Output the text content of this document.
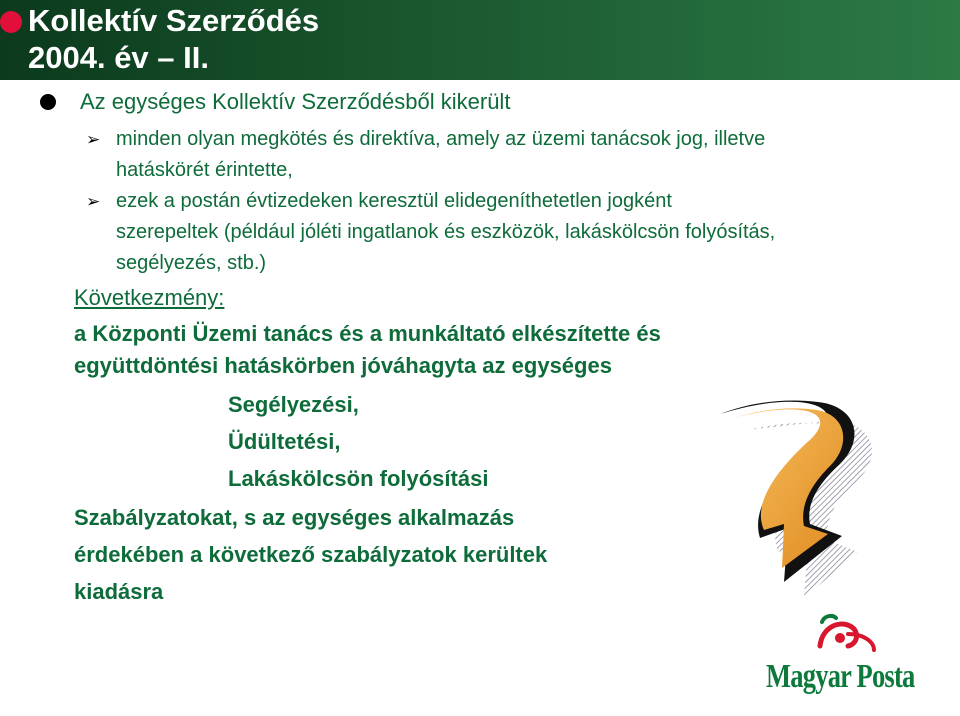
Kollektív Szerződés
2004. év – II.
Az egységes Kollektív Szerződésből kikerült
➢ minden olyan megkötés és direktíva, amely az üzemi tanácsok jog, illetve
hatáskörét érintette,
➢ ezek a postán évtizedeken keresztül elidegeníthetetlen jogként
szerepeltek (például jóléti ingatlanok és eszközök, lakáskölcsön folyósítás,
segélyezés, stb.)
Következmény:
a Központi Üzemi tanács és a munkáltató elkészítette és
együttdöntési hatáskörben jóváhagyta az egységes
Segélyezési,
Üdültetési,
Lakáskölcsön folyósítási
Szabályzatokat, s az egységes alkalmazás
érdekében a következő szabályzatok kerültek
kiadásra
Magyar Posta
